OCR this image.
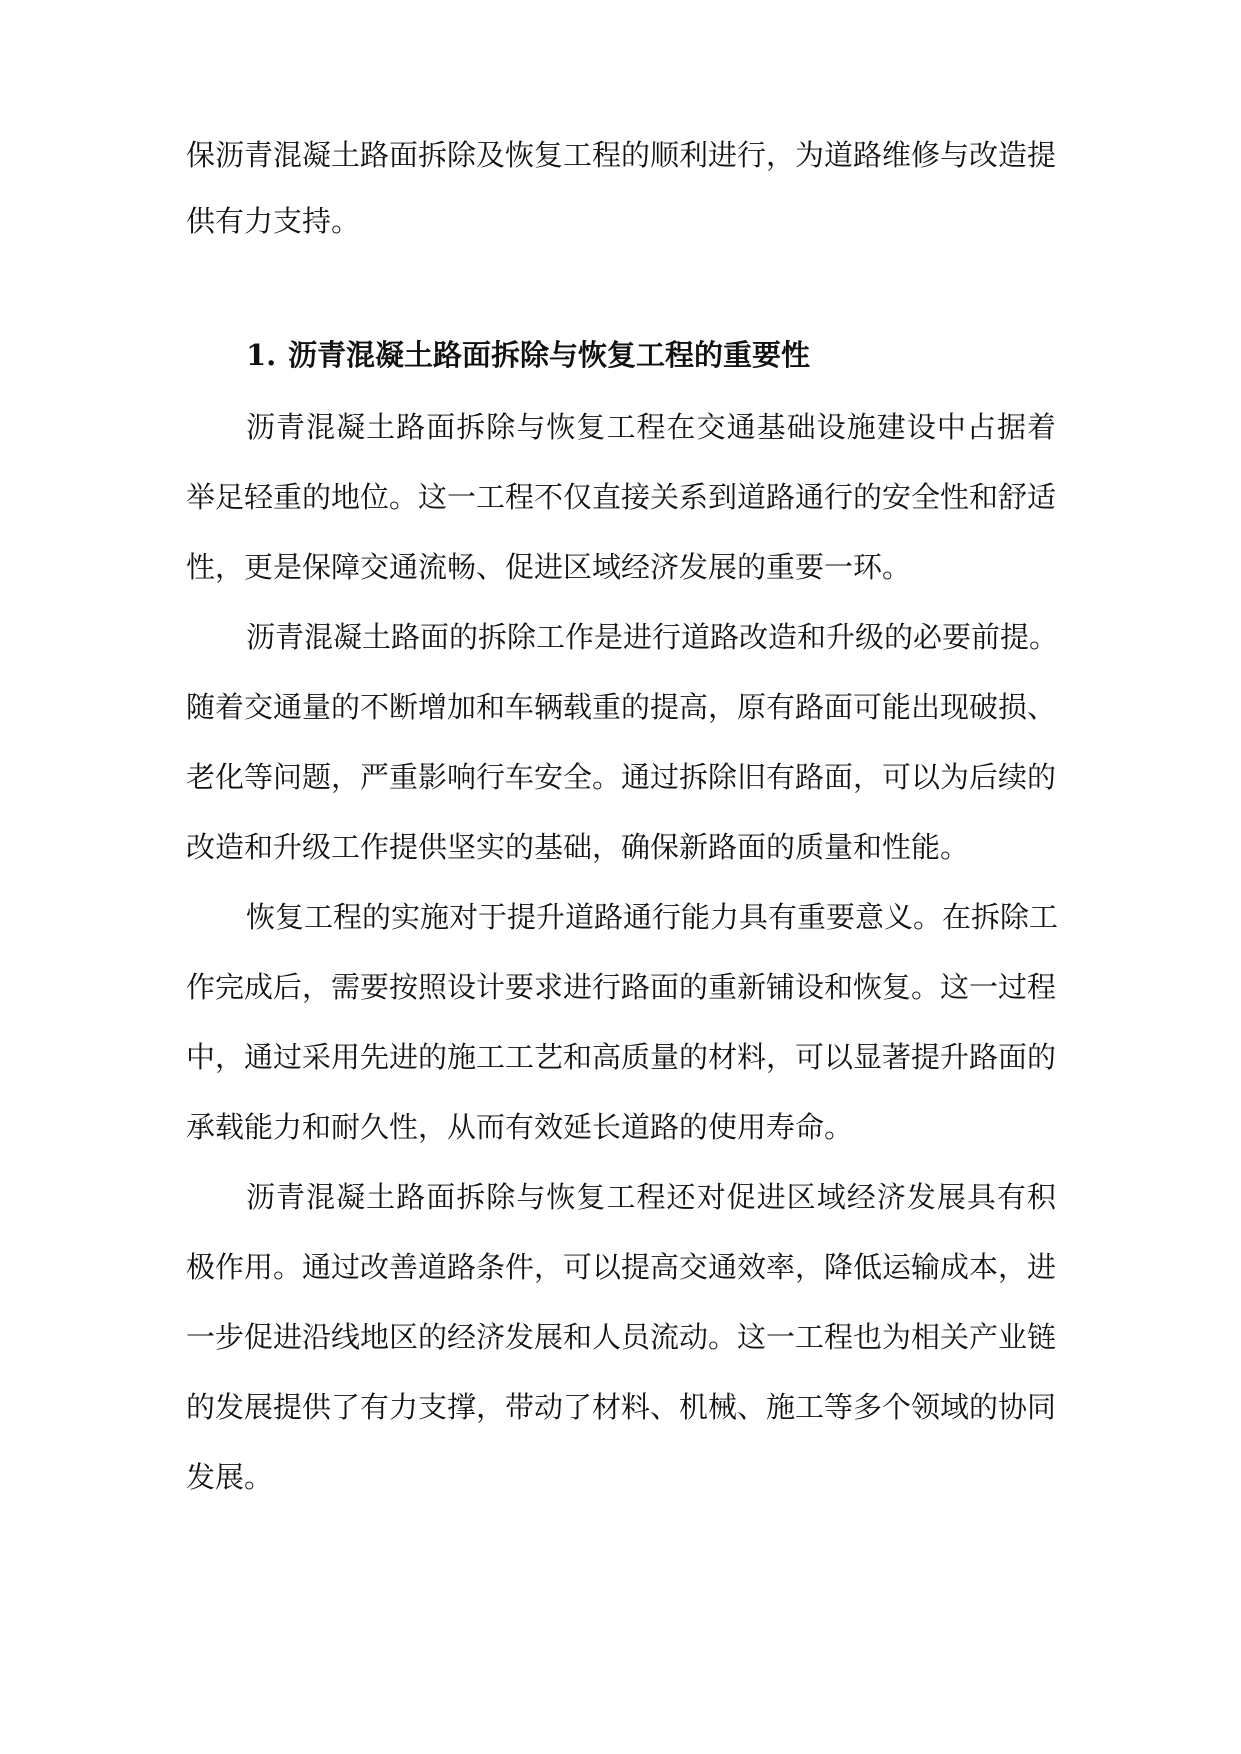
保沥青混凝土路面拆除及恢复工程的顺利进行，为道路维修与改造提
供有力支持。
1. 沥青混凝土路面拆除与恢复工程的重要性
沥青混凝土路面拆除与恢复工程在交通基础设施建设中占据着
举足轻重的地位。这一工程不仅直接关系到道路通行的安全性和舒适
性，更是保障交通流畅、促进区域经济发展的重要一环。
沥青混凝土路面的拆除工作是进行道路改造和升级的必要前提。
随着交通量的不断增加和车辆载重的提高，原有路面可能出现破损、
老化等问题，严重影响行车安全。通过拆除旧有路面，可以为后续的
改造和升级工作提供坚实的基础，确保新路面的质量和性能。
恢复工程的实施对于提升道路通行能力具有重要意义。在拆除工
作完成后，需要按照设计要求进行路面的重新铺设和恢复。这一过程
中，通过采用先进的施工工艺和高质量的材料，可以显著提升路面的
承载能力和耐久性，从而有效延长道路的使用寿命。
沥青混凝土路面拆除与恢复工程还对促进区域经济发展具有积
极作用。通过改善道路条件，可以提高交通效率，降低运输成本，进
一步促进沿线地区的经济发展和人员流动。这一工程也为相关产业链
的发展提供了有力支撑，带动了材料、机械、施工等多个领域的协同
发展。
